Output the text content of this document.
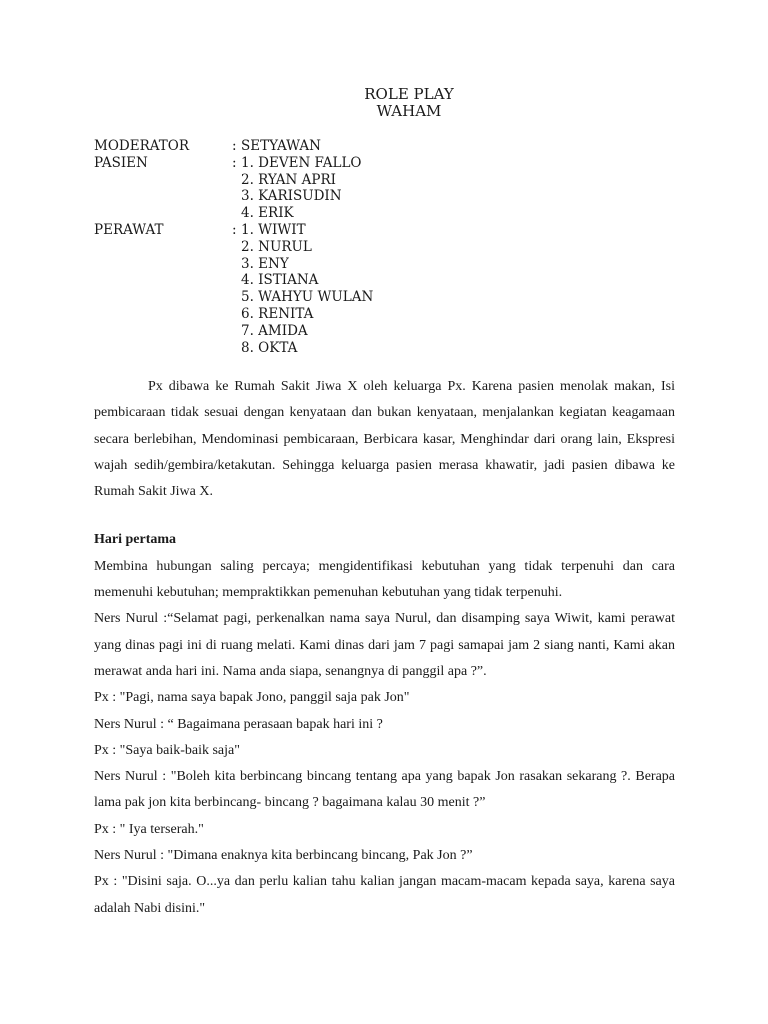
ROLE PLAY
WAHAM
MODERATOR	: SETYAWAN
PASIEN	: 1. DEVEN FALLO
2. RYAN APRI
3. KARISUDIN
4. ERIK
PERAWAT	: 1. WIWIT
2. NURUL
3. ENY
4. ISTIANA
5. WAHYU WULAN
6. RENITA
7. AMIDA
8. OKTA

Px dibawa ke Rumah Sakit Jiwa X oleh keluarga Px. Karena pasien menolak makan, Isi pembicaraan tidak sesuai dengan kenyataan dan bukan kenyataan, menjalankan kegiatan keagamaan secara berlebihan, Mendominasi pembicaraan, Berbicara kasar, Menghindar dari orang lain, Ekspresi wajah sedih/gembira/ketakutan. Sehingga keluarga pasien merasa khawatir, jadi pasien dibawa ke Rumah Sakit Jiwa X.

Hari pertama

Membina hubungan saling percaya; mengidentifikasi kebutuhan yang tidak terpenuhi dan cara memenuhi kebutuhan; mempraktikkan pemenuhan kebutuhan yang tidak terpenuhi.

Ners Nurul :“Selamat pagi, perkenalkan nama saya Nurul, dan disamping saya Wiwit, kami perawat yang dinas pagi ini di ruang melati. Kami dinas dari jam 7 pagi samapai jam 2 siang nanti, Kami akan merawat anda hari ini. Nama anda siapa, senangnya di panggil apa ?”.

Px : "Pagi, nama saya bapak Jono, panggil saja pak Jon"

Ners Nurul : “ Bagaimana perasaan bapak hari ini ?

Px : "Saya baik-baik saja"

Ners Nurul : "Boleh kita berbincang bincang tentang apa yang bapak Jon rasakan sekarang ?. Berapa lama pak jon kita berbincang- bincang ? bagaimana kalau 30 menit ?”

Px : " Iya terserah."

Ners Nurul : "Dimana enaknya kita berbincang bincang, Pak Jon ?”

Px : "Disini saja. O...ya dan perlu kalian tahu kalian jangan macam-macam kepada saya, karena saya adalah Nabi disini."
